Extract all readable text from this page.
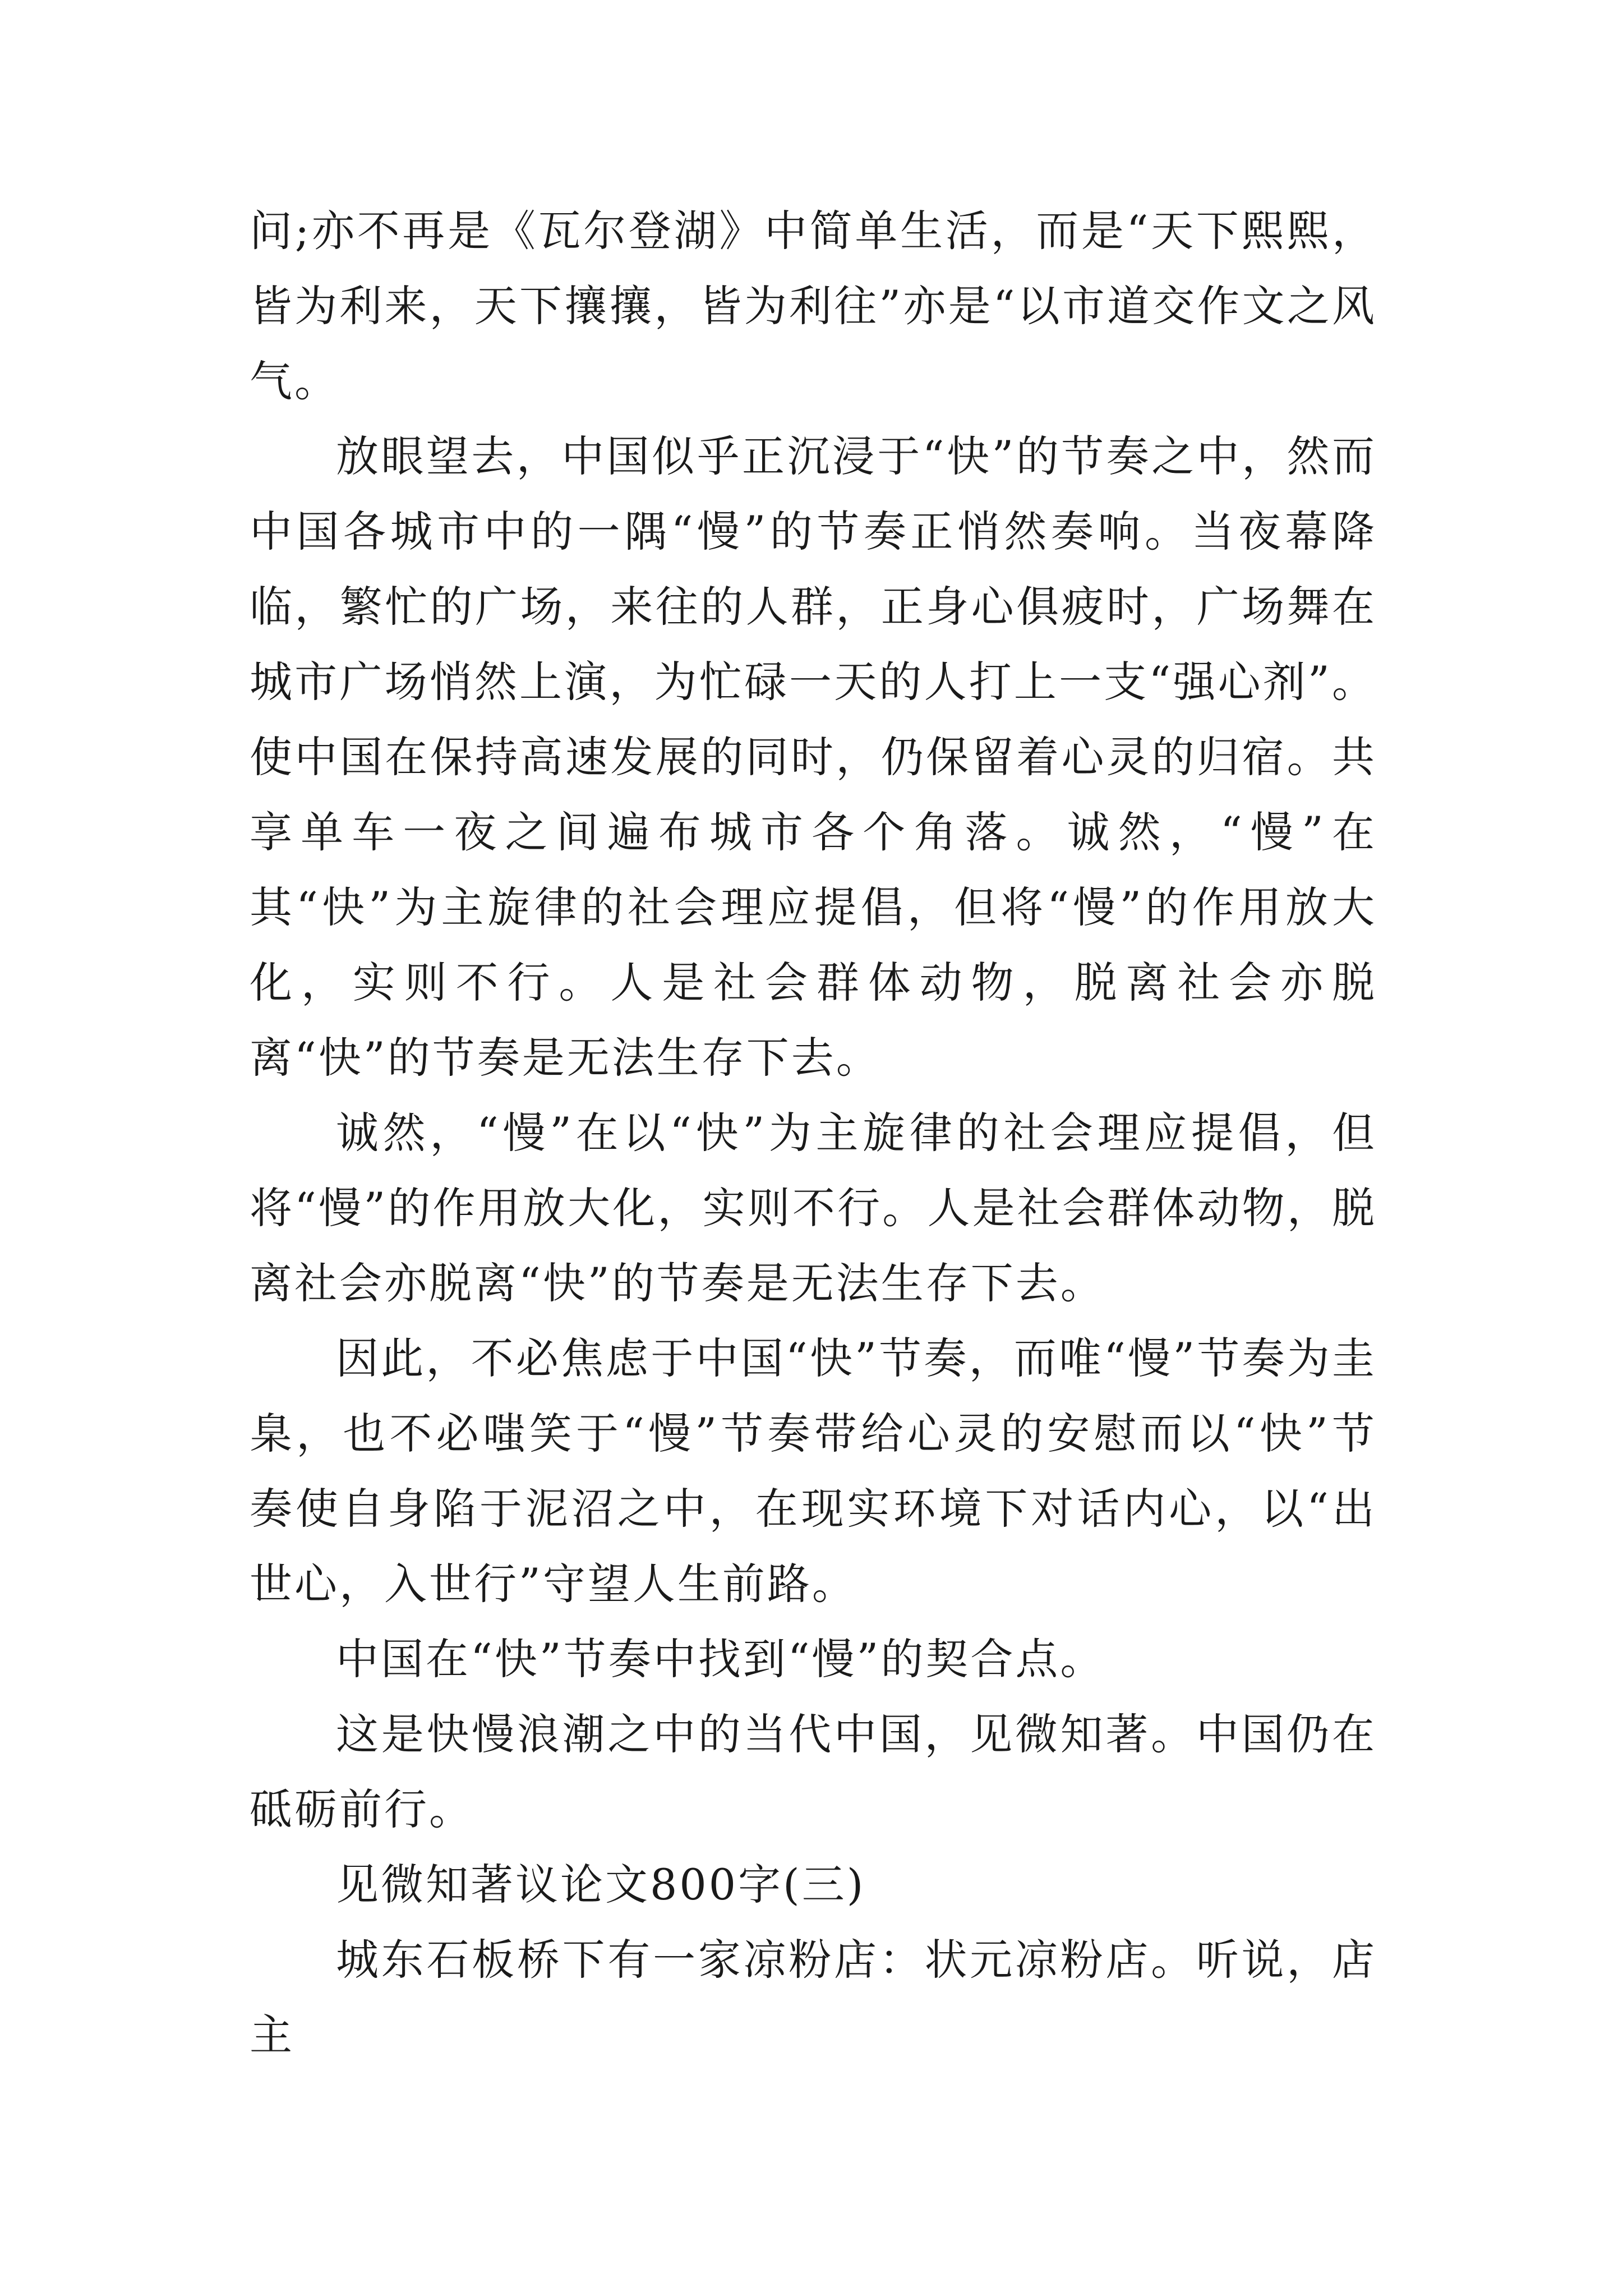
问;亦不再是《瓦尔登湖》中简单生活，而是“天下熙熙，皆为利来，天下攘攘，皆为利往”亦是“以市道交作文之风气。

放眼望去，中国似乎正沉浸于“快”的节奏之中，然而中国各城市中的一隅“慢”的节奏正悄然奏响。当夜幕降临，繁忙的广场，来往的人群，正身心俱疲时，广场舞在城市广场悄然上演，为忙碌一天的人打上一支“强心剂”。使中国在保持高速发展的同时，仍保留着心灵的归宿。共享单车一夜之间遍布城市各个角落。诚然，“慢”在其“快”为主旋律的社会理应提倡，但将“慢”的作用放大化，实则不行。人是社会群体动物，脱离社会亦脱离“快”的节奏是无法生存下去。

诚然，“慢”在以“快”为主旋律的社会理应提倡，但将“慢”的作用放大化，实则不行。人是社会群体动物，脱离社会亦脱离“快”的节奏是无法生存下去。

因此，不必焦虑于中国“快”节奏，而唯“慢”节奏为圭臬，也不必嗤笑于“慢”节奏带给心灵的安慰而以“快”节奏使自身陷于泥沼之中，在现实环境下对话内心，以“出世心，入世行”守望人生前路。

中国在“快”节奏中找到“慢”的契合点。

这是快慢浪潮之中的当代中国，见微知著。中国仍在砥砺前行。

见微知著议论文800字(三)

城东石板桥下有一家凉粉店：状元凉粉店。听说，店主
